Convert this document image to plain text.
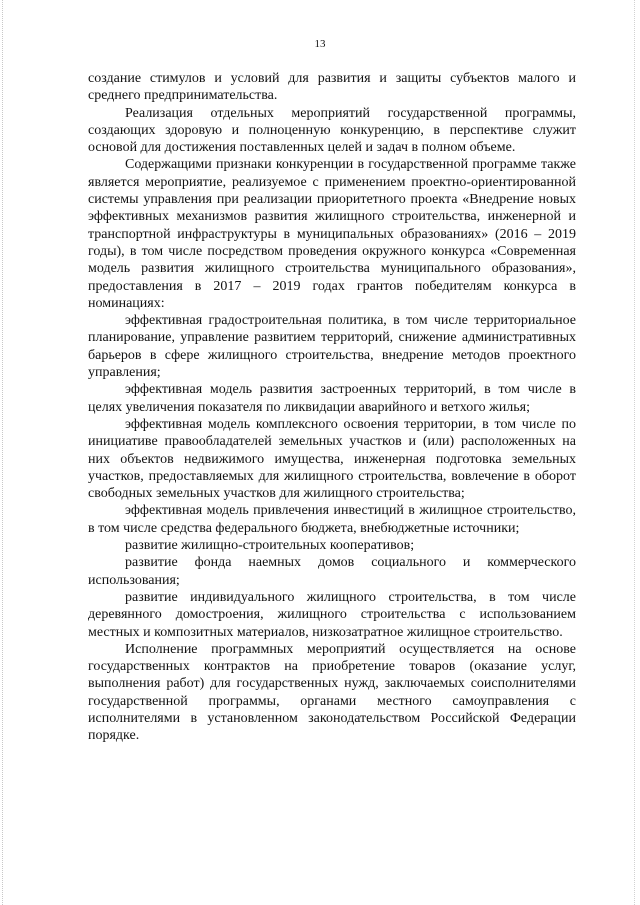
13

создание стимулов и условий для развития и защиты субъектов малого и среднего предпринимательства.

Реализация отдельных мероприятий государственной программы, создающих здоровую и полноценную конкуренцию, в перспективе служит основой для достижения поставленных целей и задач в полном объеме.

Содержащими признаки конкуренции в государственной программе также является мероприятие, реализуемое с применением проектно-ориентированной системы управления при реализации приоритетного проекта «Внедрение новых эффективных механизмов развития жилищного строительства, инженерной и транспортной инфраструктуры в муниципальных образованиях» (2016 – 2019 годы), в том числе посредством проведения окружного конкурса «Современная модель развития жилищного строительства муниципального образования», предоставления в 2017 – 2019 годах грантов победителям конкурса в номинациях:

эффективная градостроительная политика, в том числе территориальное планирование, управление развитием территорий, снижение административных барьеров в сфере жилищного строительства, внедрение методов проектного управления;

эффективная модель развития застроенных территорий, в том числе в целях увеличения показателя по ликвидации аварийного и ветхого жилья;

эффективная модель комплексного освоения территории, в том числе по инициативе правообладателей земельных участков и (или) расположенных на них объектов недвижимого имущества, инженерная подготовка земельных участков, предоставляемых для жилищного строительства, вовлечение в оборот свободных земельных участков для жилищного строительства;

эффективная модель привлечения инвестиций в жилищное строительство, в том числе средства федерального бюджета, внебюджетные источники;

развитие жилищно-строительных кооперативов;

развитие фонда наемных домов социального и коммерческого использования;

развитие индивидуального жилищного строительства, в том числе деревянного домостроения, жилищного строительства с использованием местных и композитных материалов, низкозатратное жилищное строительство.

Исполнение программных мероприятий осуществляется на основе государственных контрактов на приобретение товаров (оказание услуг, выполнения работ) для государственных нужд, заключаемых соисполнителями государственной программы, органами местного самоуправления с исполнителями в установленном законодательством Российской Федерации порядке.
